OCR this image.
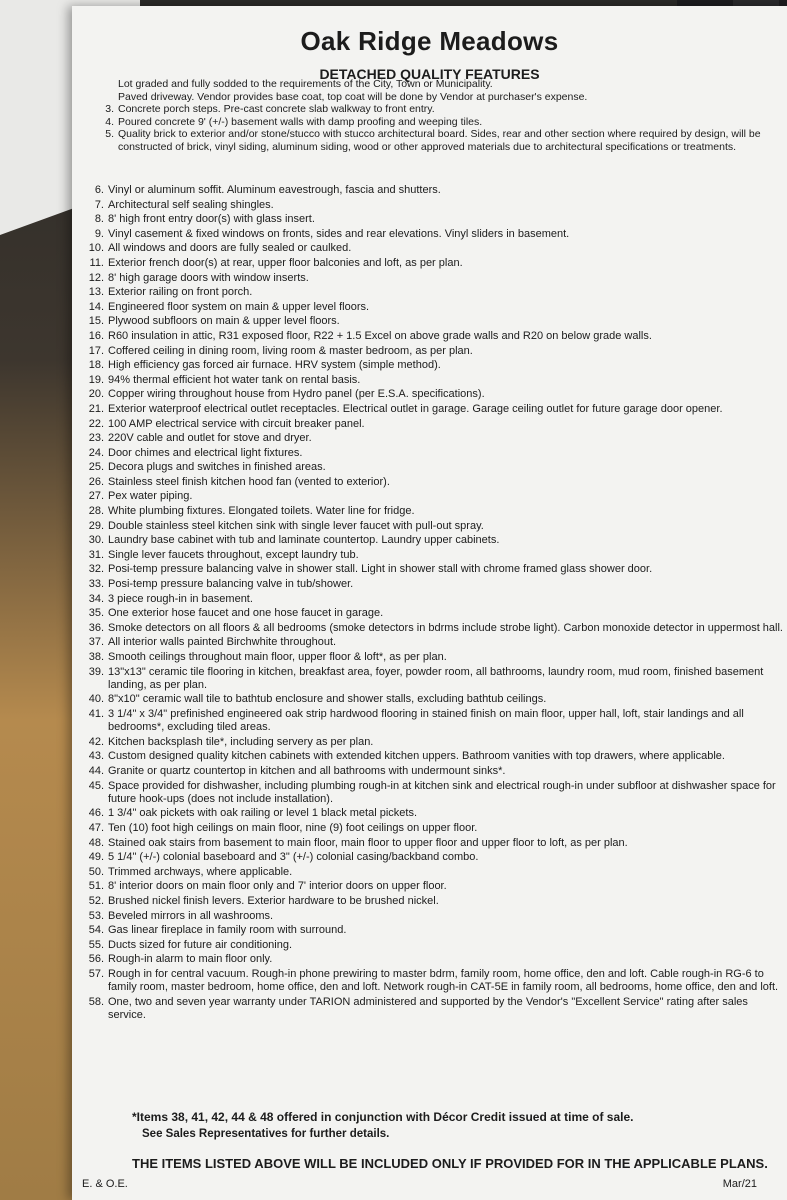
Oak Ridge Meadows
DETACHED QUALITY FEATURES
Lot graded and fully sodded to the requirements of the City, Town or Municipality.
Paved driveway. Vendor provides base coat, top coat will be done by Vendor at purchaser's expense.
3. Concrete porch steps. Pre-cast concrete slab walkway to front entry.
4. Poured concrete 9' (+/-) basement walls with damp proofing and weeping tiles.
5. Quality brick to exterior and/or stone/stucco with stucco architectural board. Sides, rear and other section where required by design, will be constructed of brick, vinyl siding, aluminum siding, wood or other approved materials due to architectural specifications or treatments.
6. Vinyl or aluminum soffit. Aluminum eavestrough, fascia and shutters.
7. Architectural self sealing shingles.
8. 8' high front entry door(s) with glass insert.
9. Vinyl casement & fixed windows on fronts, sides and rear elevations. Vinyl sliders in basement.
10. All windows and doors are fully sealed or caulked.
11. Exterior french door(s) at rear, upper floor balconies and loft, as per plan.
12. 8' high garage doors with window inserts.
13. Exterior railing on front porch.
14. Engineered floor system on main & upper level floors.
15. Plywood subfloors on main & upper level floors.
16. R60 insulation in attic, R31 exposed floor, R22 + 1.5 Excel on above grade walls and R20 on below grade walls.
17. Coffered ceiling in dining room, living room & master bedroom, as per plan.
18. High efficiency gas forced air furnace. HRV system (simple method).
19. 94% thermal efficient hot water tank on rental basis.
20. Copper wiring throughout house from Hydro panel (per E.S.A. specifications).
21. Exterior waterproof electrical outlet receptacles. Electrical outlet in garage. Garage ceiling outlet for future garage door opener.
22. 100 AMP electrical service with circuit breaker panel.
23. 220V cable and outlet for stove and dryer.
24. Door chimes and electrical light fixtures.
25. Decora plugs and switches in finished areas.
26. Stainless steel finish kitchen hood fan (vented to exterior).
27. Pex water piping.
28. White plumbing fixtures. Elongated toilets. Water line for fridge.
29. Double stainless steel kitchen sink with single lever faucet with pull-out spray.
30. Laundry base cabinet with tub and laminate countertop. Laundry upper cabinets.
31. Single lever faucets throughout, except laundry tub.
32. Posi-temp pressure balancing valve in shower stall. Light in shower stall with chrome framed glass shower door.
33. Posi-temp pressure balancing valve in tub/shower.
34. 3 piece rough-in in basement.
35. One exterior hose faucet and one hose faucet in garage.
36. Smoke detectors on all floors & all bedrooms (smoke detectors in bdrms include strobe light). Carbon monoxide detector in uppermost hall.
37. All interior walls painted Birchwhite throughout.
38. Smooth ceilings throughout main floor, upper floor & loft*, as per plan.
39. 13"x13" ceramic tile flooring in kitchen, breakfast area, foyer, powder room, all bathrooms, laundry room, mud room, finished basement landing, as per plan.
40. 8"x10" ceramic wall tile to bathtub enclosure and shower stalls, excluding bathtub ceilings.
41. 3 1/4" x 3/4" prefinished engineered oak strip hardwood flooring in stained finish on main floor, upper hall, loft, stair landings and all bedrooms*, excluding tiled areas.
42. Kitchen backsplash tile*, including servery as per plan.
43. Custom designed quality kitchen cabinets with extended kitchen uppers. Bathroom vanities with top drawers, where applicable.
44. Granite or quartz countertop in kitchen and all bathrooms with undermount sinks*.
45. Space provided for dishwasher, including plumbing rough-in at kitchen sink and electrical rough-in under subfloor at dishwasher space for future hook-ups (does not include installation).
46. 1 3/4" oak pickets with oak railing or level 1 black metal pickets.
47. Ten (10) foot high ceilings on main floor, nine (9) foot ceilings on upper floor.
48. Stained oak stairs from basement to main floor, main floor to upper floor and upper floor to loft, as per plan.
49. 5 1/4" (+/-) colonial baseboard and 3" (+/-) colonial casing/backband combo.
50. Trimmed archways, where applicable.
51. 8' interior doors on main floor only and 7' interior doors on upper floor.
52. Brushed nickel finish levers. Exterior hardware to be brushed nickel.
53. Beveled mirrors in all washrooms.
54. Gas linear fireplace in family room with surround.
55. Ducts sized for future air conditioning.
56. Rough-in alarm to main floor only.
57. Rough in for central vacuum. Rough-in phone prewiring to master bdrm, family room, home office, den and loft. Cable rough-in RG-6 to family room, master bedroom, home office, den and loft. Network rough-in CAT-5E in family room, all bedrooms, home office, den and loft.
58. One, two and seven year warranty under TARION administered and supported by the Vendor's "Excellent Service" rating after sales service.
*Items 38, 41, 42, 44 & 48 offered in conjunction with Décor Credit issued at time of sale.
See Sales Representatives for further details.
THE ITEMS LISTED ABOVE WILL BE INCLUDED ONLY IF PROVIDED FOR IN THE APPLICABLE PLANS.
E. & O.E.	Mar/21
